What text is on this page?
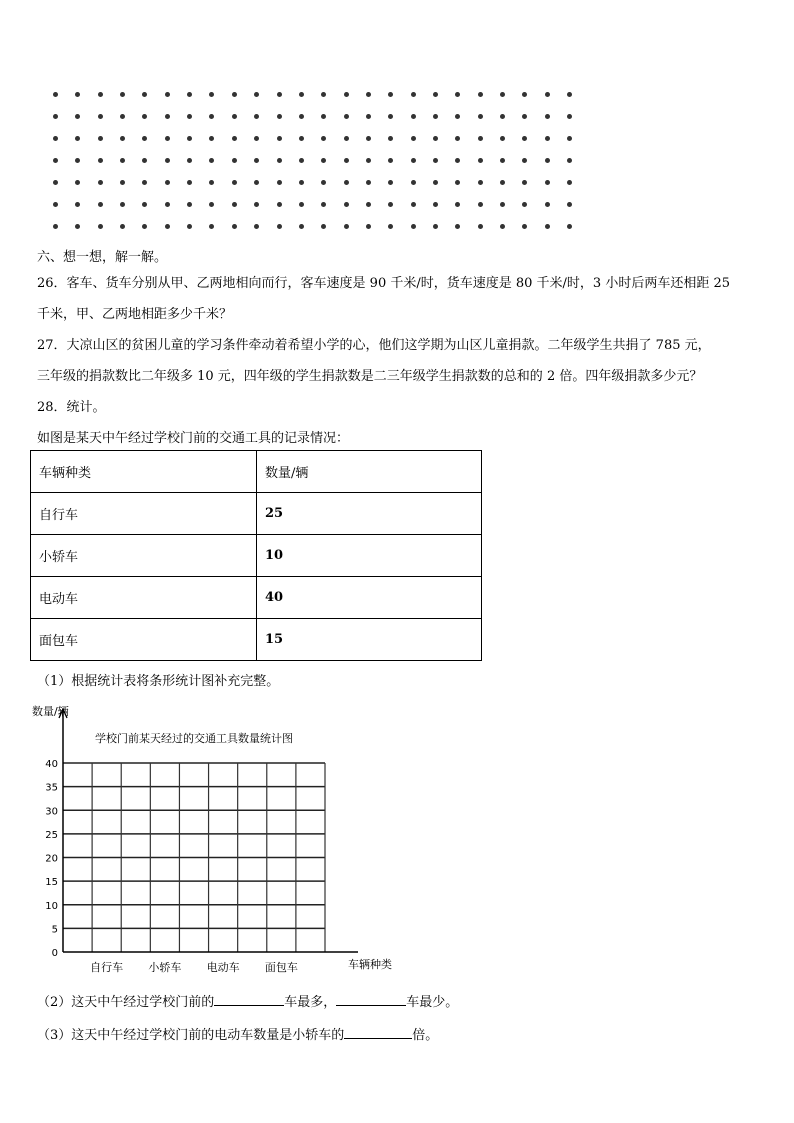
六、想一想，解一解。
26．客车、货车分别从甲、乙两地相向而行，客车速度是 90 千米/时，货车速度是 80 千米/时，3 小时后两车还相距 25
千米，甲、乙两地相距多少千米？
27．大凉山区的贫困儿童的学习条件牵动着希望小学的心，他们这学期为山区儿童捐款。二年级学生共捐了 785 元，
三年级的捐款数比二年级多 10 元，四年级的学生捐款数是二三年级学生捐款数的总和的 2 倍。四年级捐款多少元？
28．统计。
如图是某天中午经过学校门前的交通工具的记录情况：
车辆种类	数量/辆
自行车	25
小轿车	10
电动车	40
面包车	15
（1）根据统计表将条形统计图补充完整。
数量/辆
学校门前某天经过的交通工具数量统计图
车辆种类
0
5
10
15
20
25
30
35
40
自行车 小轿车 电动车 面包车
（2）这天中午经过学校门前的	车最多，	车最少。
（3）这天中午经过学校门前的电动车数量是小轿车的	倍。
